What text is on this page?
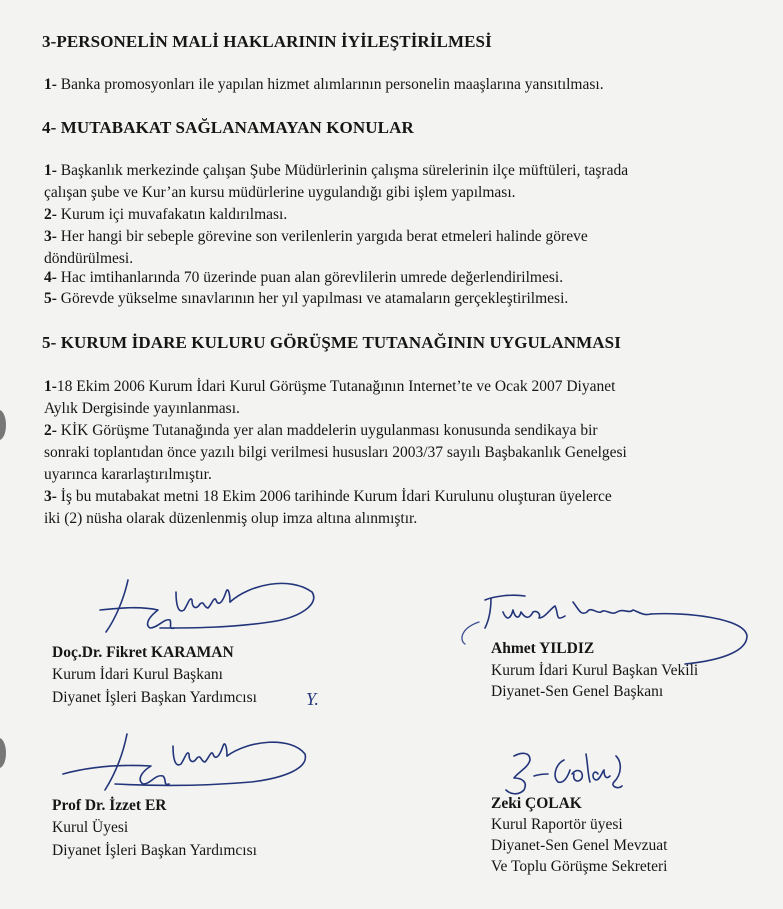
3-PERSONELİN MALİ HAKLARININ İYİLEŞTİRİLMESİ
1- Banka promosyonları ile yapılan hizmet alımlarının personelin maaşlarına yansıtılması.
4- MUTABAKAT SAĞLANAMAYAN KONULAR
1- Başkanlık merkezinde çalışan Şube Müdürlerinin çalışma sürelerinin ilçe müftüleri, taşrada
çalışan şube ve Kur’an kursu müdürlerine uygulandığı gibi işlem yapılması.
2- Kurum içi muvafakatın kaldırılması.
3- Her hangi bir sebeple görevine son verilenlerin yargıda berat etmeleri halinde göreve
döndürülmesi.
4- Hac imtihanlarında 70 üzerinde puan alan görevlilerin umrede değerlendirilmesi.
5- Görevde yükselme sınavlarının her yıl yapılması ve atamaların gerçekleştirilmesi.
5- KURUM İDARE KULURU GÖRÜŞME TUTANAĞININ UYGULANMASI
1-18 Ekim 2006 Kurum İdari Kurul Görüşme Tutanağının Internet’te ve Ocak 2007 Diyanet
Aylık Dergisinde yayınlanması.
2- KİK Görüşme Tutanağında yer alan maddelerin uygulanması konusunda sendikaya bir
sonraki toplantıdan önce yazılı bilgi verilmesi hususları 2003/37 sayılı Başbakanlık Genelgesi
uyarınca kararlaştırılmıştır.
3- İş bu mutabakat metni 18 Ekim 2006 tarihinde Kurum İdari Kurulunu oluşturan üyelerce
iki (2) nüsha olarak düzenlenmiş olup imza altına alınmıştır.
Doç.Dr. Fikret KARAMAN
Kurum İdari Kurul Başkanı
Diyanet İşleri Başkan Yardımcısı	Y.
Ahmet YILDIZ
Kurum İdari Kurul Başkan Vekili
Diyanet-Sen Genel Başkanı
Prof Dr. İzzet ER
Kurul Üyesi
Diyanet İşleri Başkan Yardımcısı
Zeki ÇOLAK
Kurul Raportör üyesi
Diyanet-Sen Genel Mevzuat
Ve Toplu Görüşme Sekreteri
